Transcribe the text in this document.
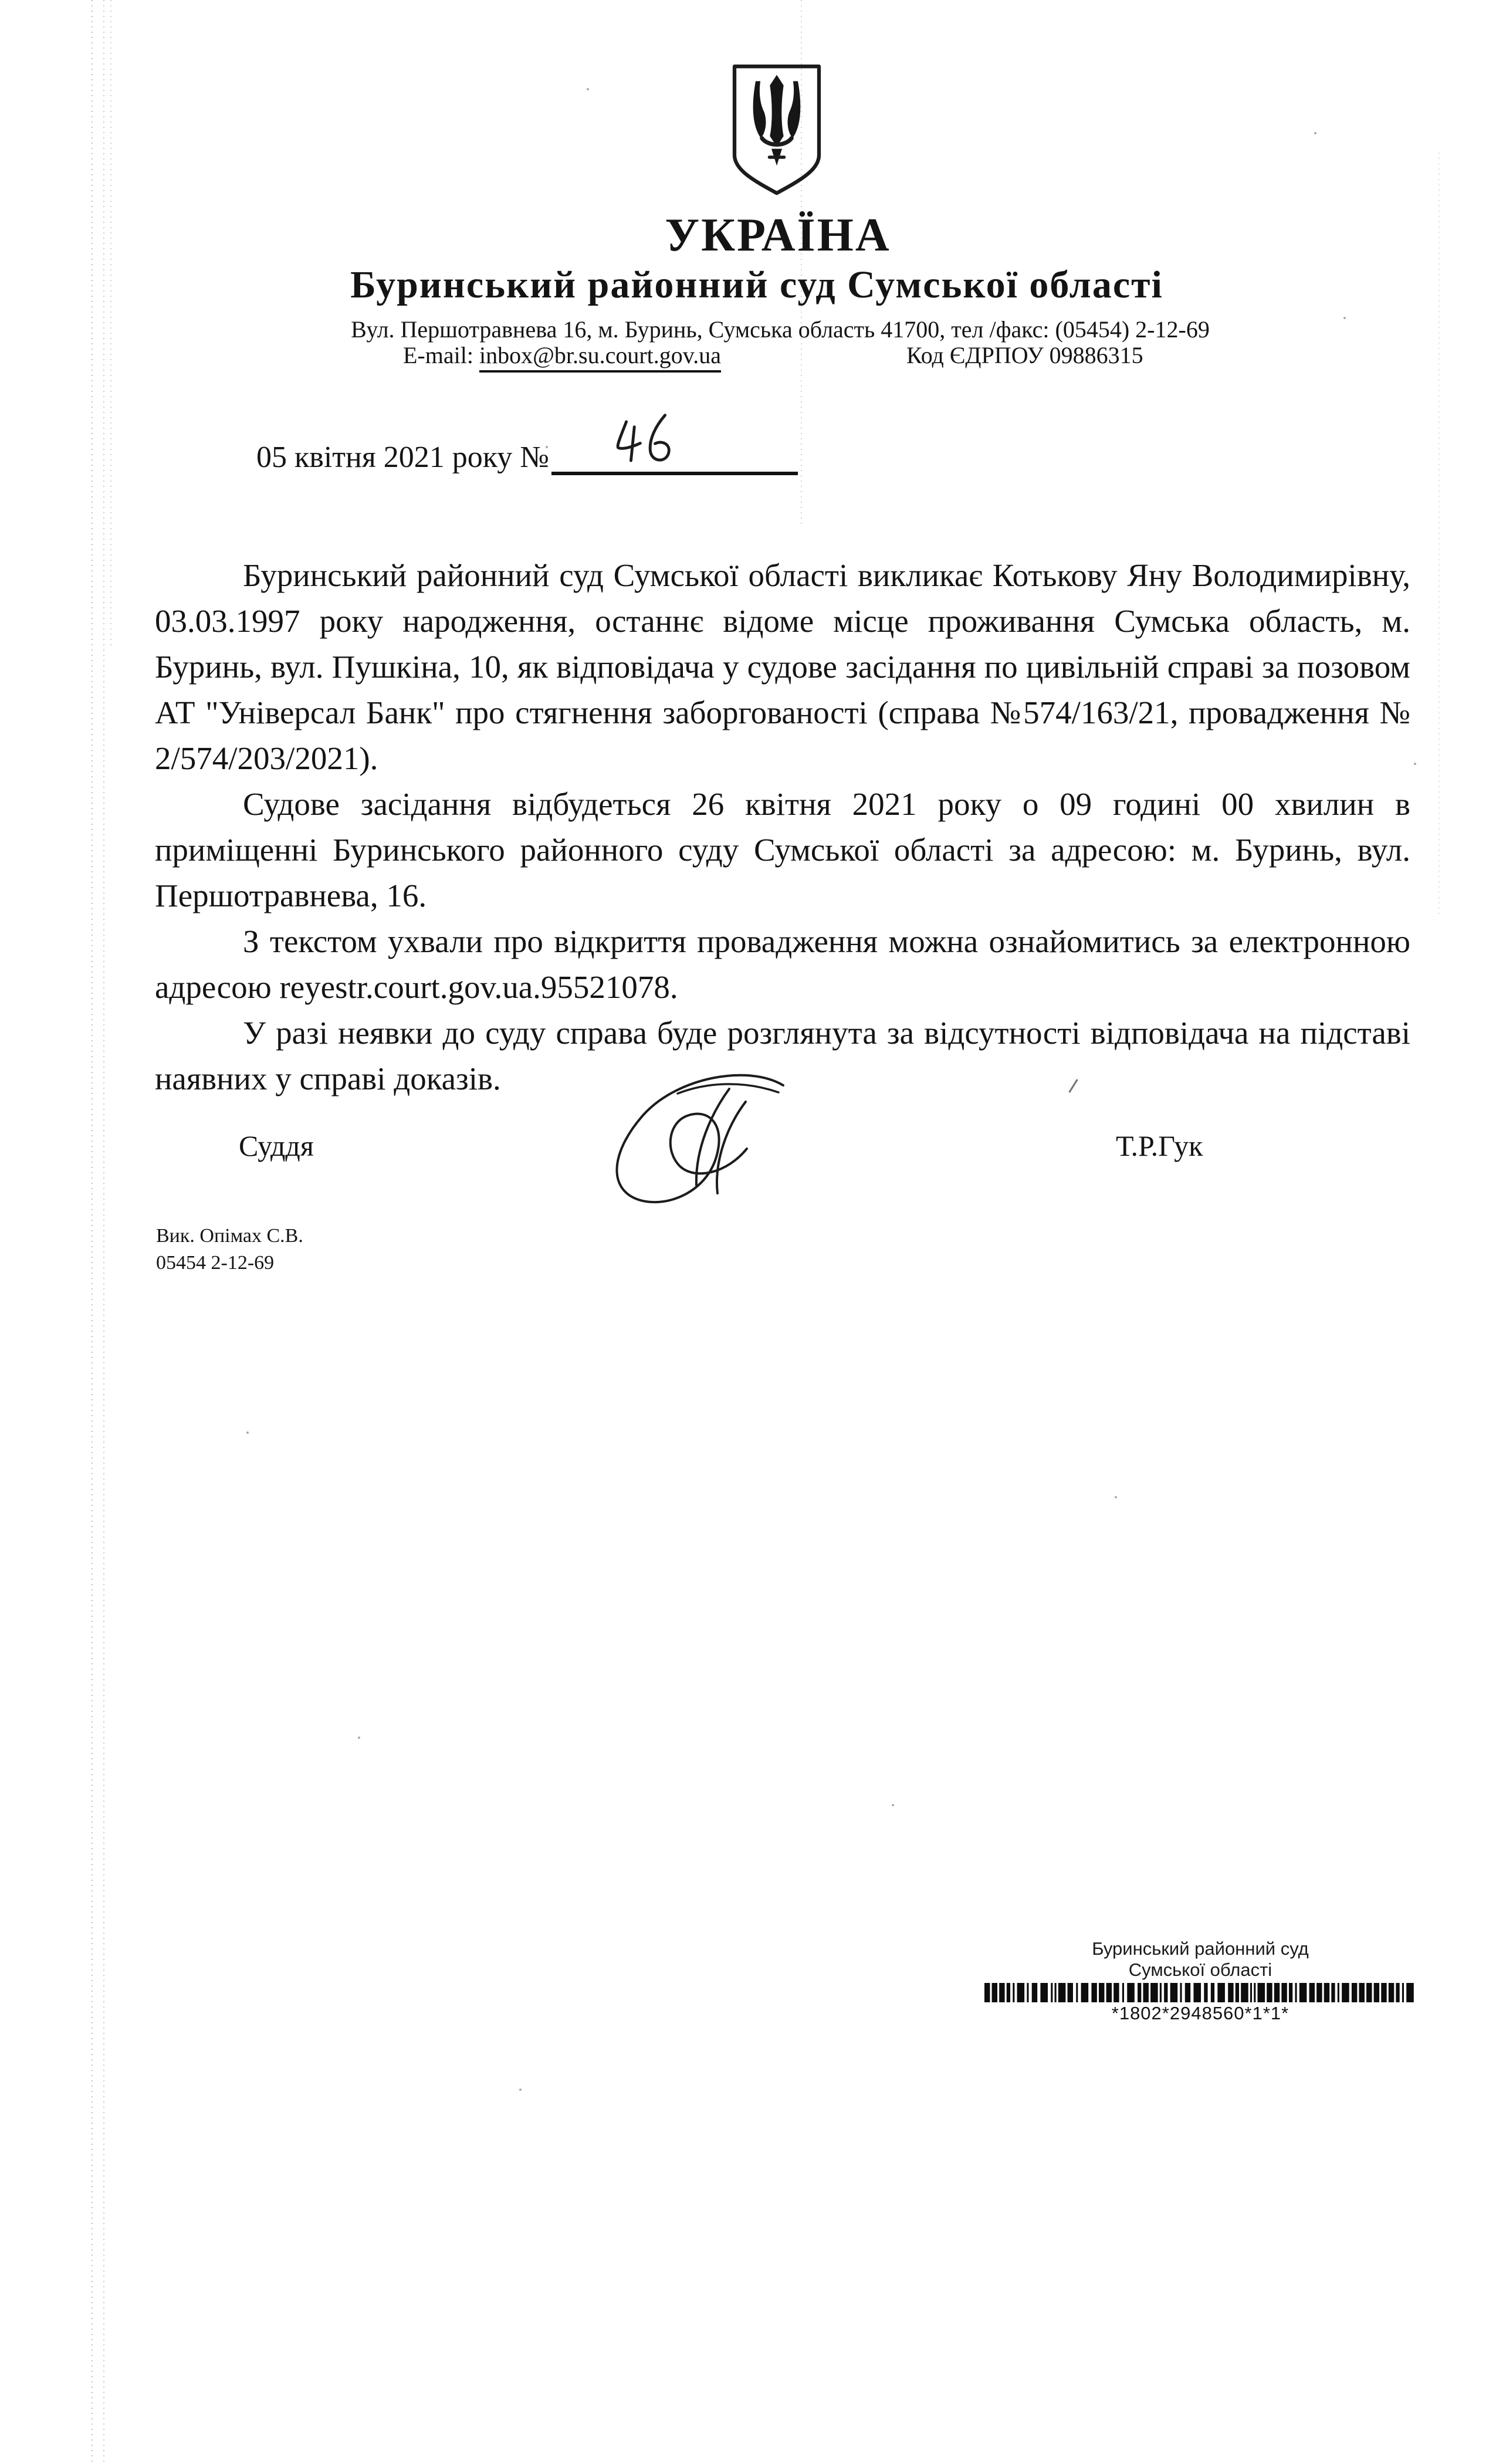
УКРАЇНА
Буринський районний суд Сумської області
Вул. Першотравнева 16, м. Буринь, Сумська область 41700, тел /факс: (05454) 2-12-69
E-mail: inbox@br.su.court.gov.ua	Код ЄДРПОУ 09886315
05 квітня 2021 року №

Буринський районний суд Сумської області викликає Котькову Яну Володимирівну, 03.03.1997 року народження, останнє відоме місце проживання Сумська область, м. Буринь, вул. Пушкіна, 10, як відповідача у судове засідання по цивільній справі за позовом АТ "Універсал Банк" про стягнення заборгованості (справа №574/163/21, провадження № 2/574/203/2021).

Судове засідання відбудеться 26 квітня 2021 року о 09 годині 00 хвилин в приміщенні Буринського районного суду Сумської області за адресою: м. Буринь, вул. Першотравнева, 16.

З текстом ухвали про відкриття провадження можна ознайомитись за електронною адресою reyestr.court.gov.ua.95521078.

У разі неявки до суду справа буде розглянута за відсутності відповідача на підставі наявних у справі доказів.

Суддя	Т.Р.Гук
Вик. Опімах С.В.
05454 2-12-69
Буринський районний суд
Сумської області
*1802*2948560*1*1*
